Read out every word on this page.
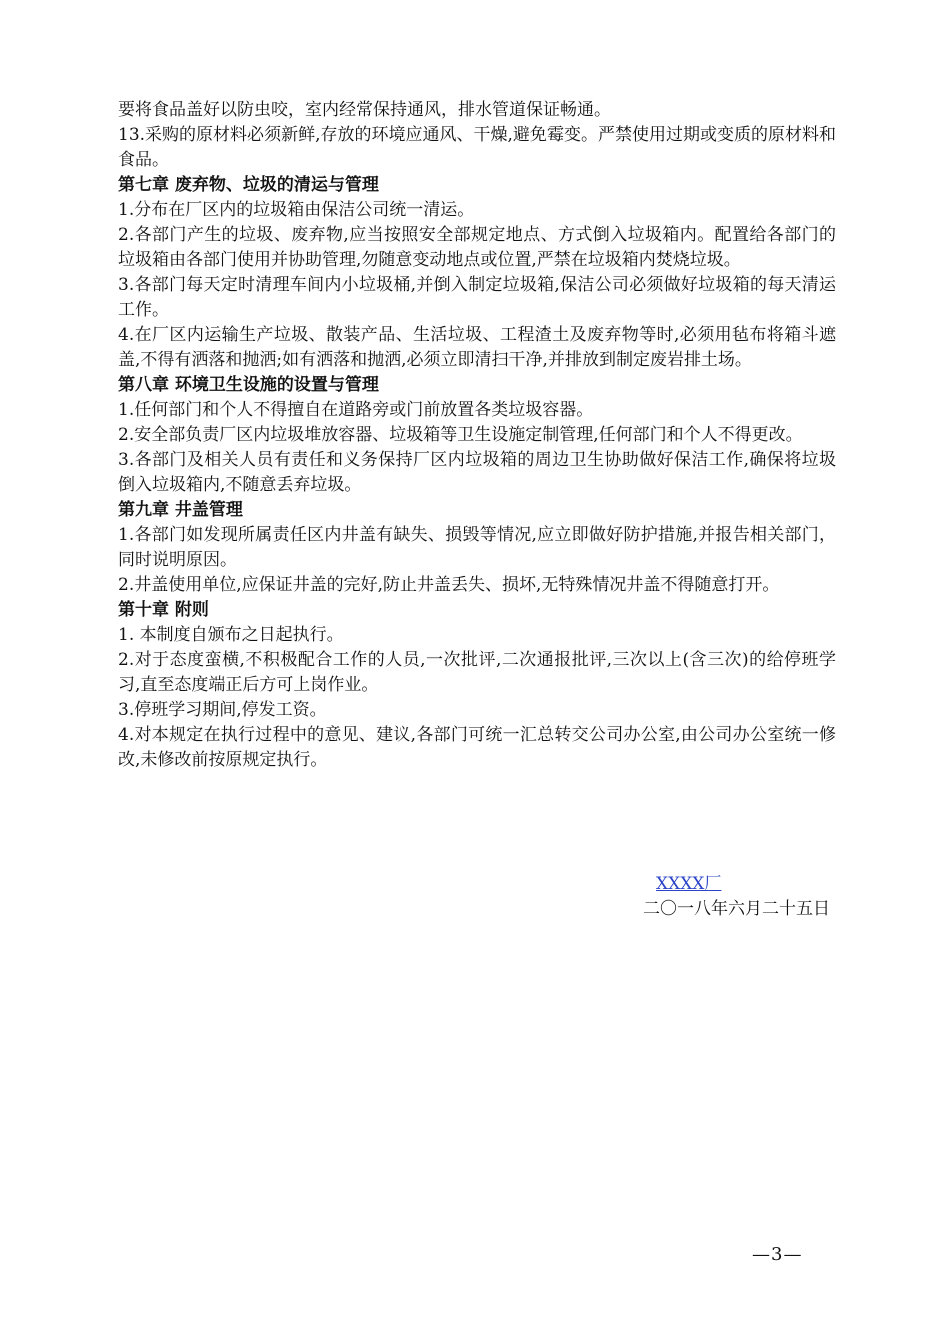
要将食品盖好以防虫咬，室内经常保持通风，排水管道保证畅通。

13.采购的原材料必须新鲜,存放的环境应通风、干燥,避免霉变。严禁使用过期或变质的原材料和食品。

第七章 废弃物、垃圾的清运与管理

1.分布在厂区内的垃圾箱由保洁公司统一清运。

2.各部门产生的垃圾、废弃物,应当按照安全部规定地点、方式倒入垃圾箱内。配置给各部门的垃圾箱由各部门使用并协助管理,勿随意变动地点或位置,严禁在垃圾箱内焚烧垃圾。

3.各部门每天定时清理车间内小垃圾桶,并倒入制定垃圾箱,保洁公司必须做好垃圾箱的每天清运工作。

4.在厂区内运输生产垃圾、散装产品、生活垃圾、工程渣土及废弃物等时,必须用毡布将箱斗遮盖,不得有洒落和抛洒;如有洒落和抛洒,必须立即清扫干净,并排放到制定废岩排土场。

第八章 环境卫生设施的设置与管理

1.任何部门和个人不得擅自在道路旁或门前放置各类垃圾容器。

2.安全部负责厂区内垃圾堆放容器、垃圾箱等卫生设施定制管理,任何部门和个人不得更改。

3.各部门及相关人员有责任和义务保持厂区内垃圾箱的周边卫生协助做好保洁工作,确保将垃圾倒入垃圾箱内,不随意丢弃垃圾。

第九章 井盖管理

1.各部门如发现所属责任区内井盖有缺失、损毁等情况,应立即做好防护措施,并报告相关部门，同时说明原因。

2.井盖使用单位,应保证井盖的完好,防止井盖丢失、损坏,无特殊情况井盖不得随意打开。

第十章 附则

1. 本制度自颁布之日起执行。

2.对于态度蛮横,不积极配合工作的人员,一次批评,二次通报批评,三次以上(含三次)的给停班学习,直至态度端正后方可上岗作业。

3.停班学习期间,停发工资。

4.对本规定在执行过程中的意见、建议,各部门可统一汇总转交公司办公室,由公司办公室统一修改,未修改前按原规定执行。

XXXX厂

二〇一八年六月二十五日

—3—
